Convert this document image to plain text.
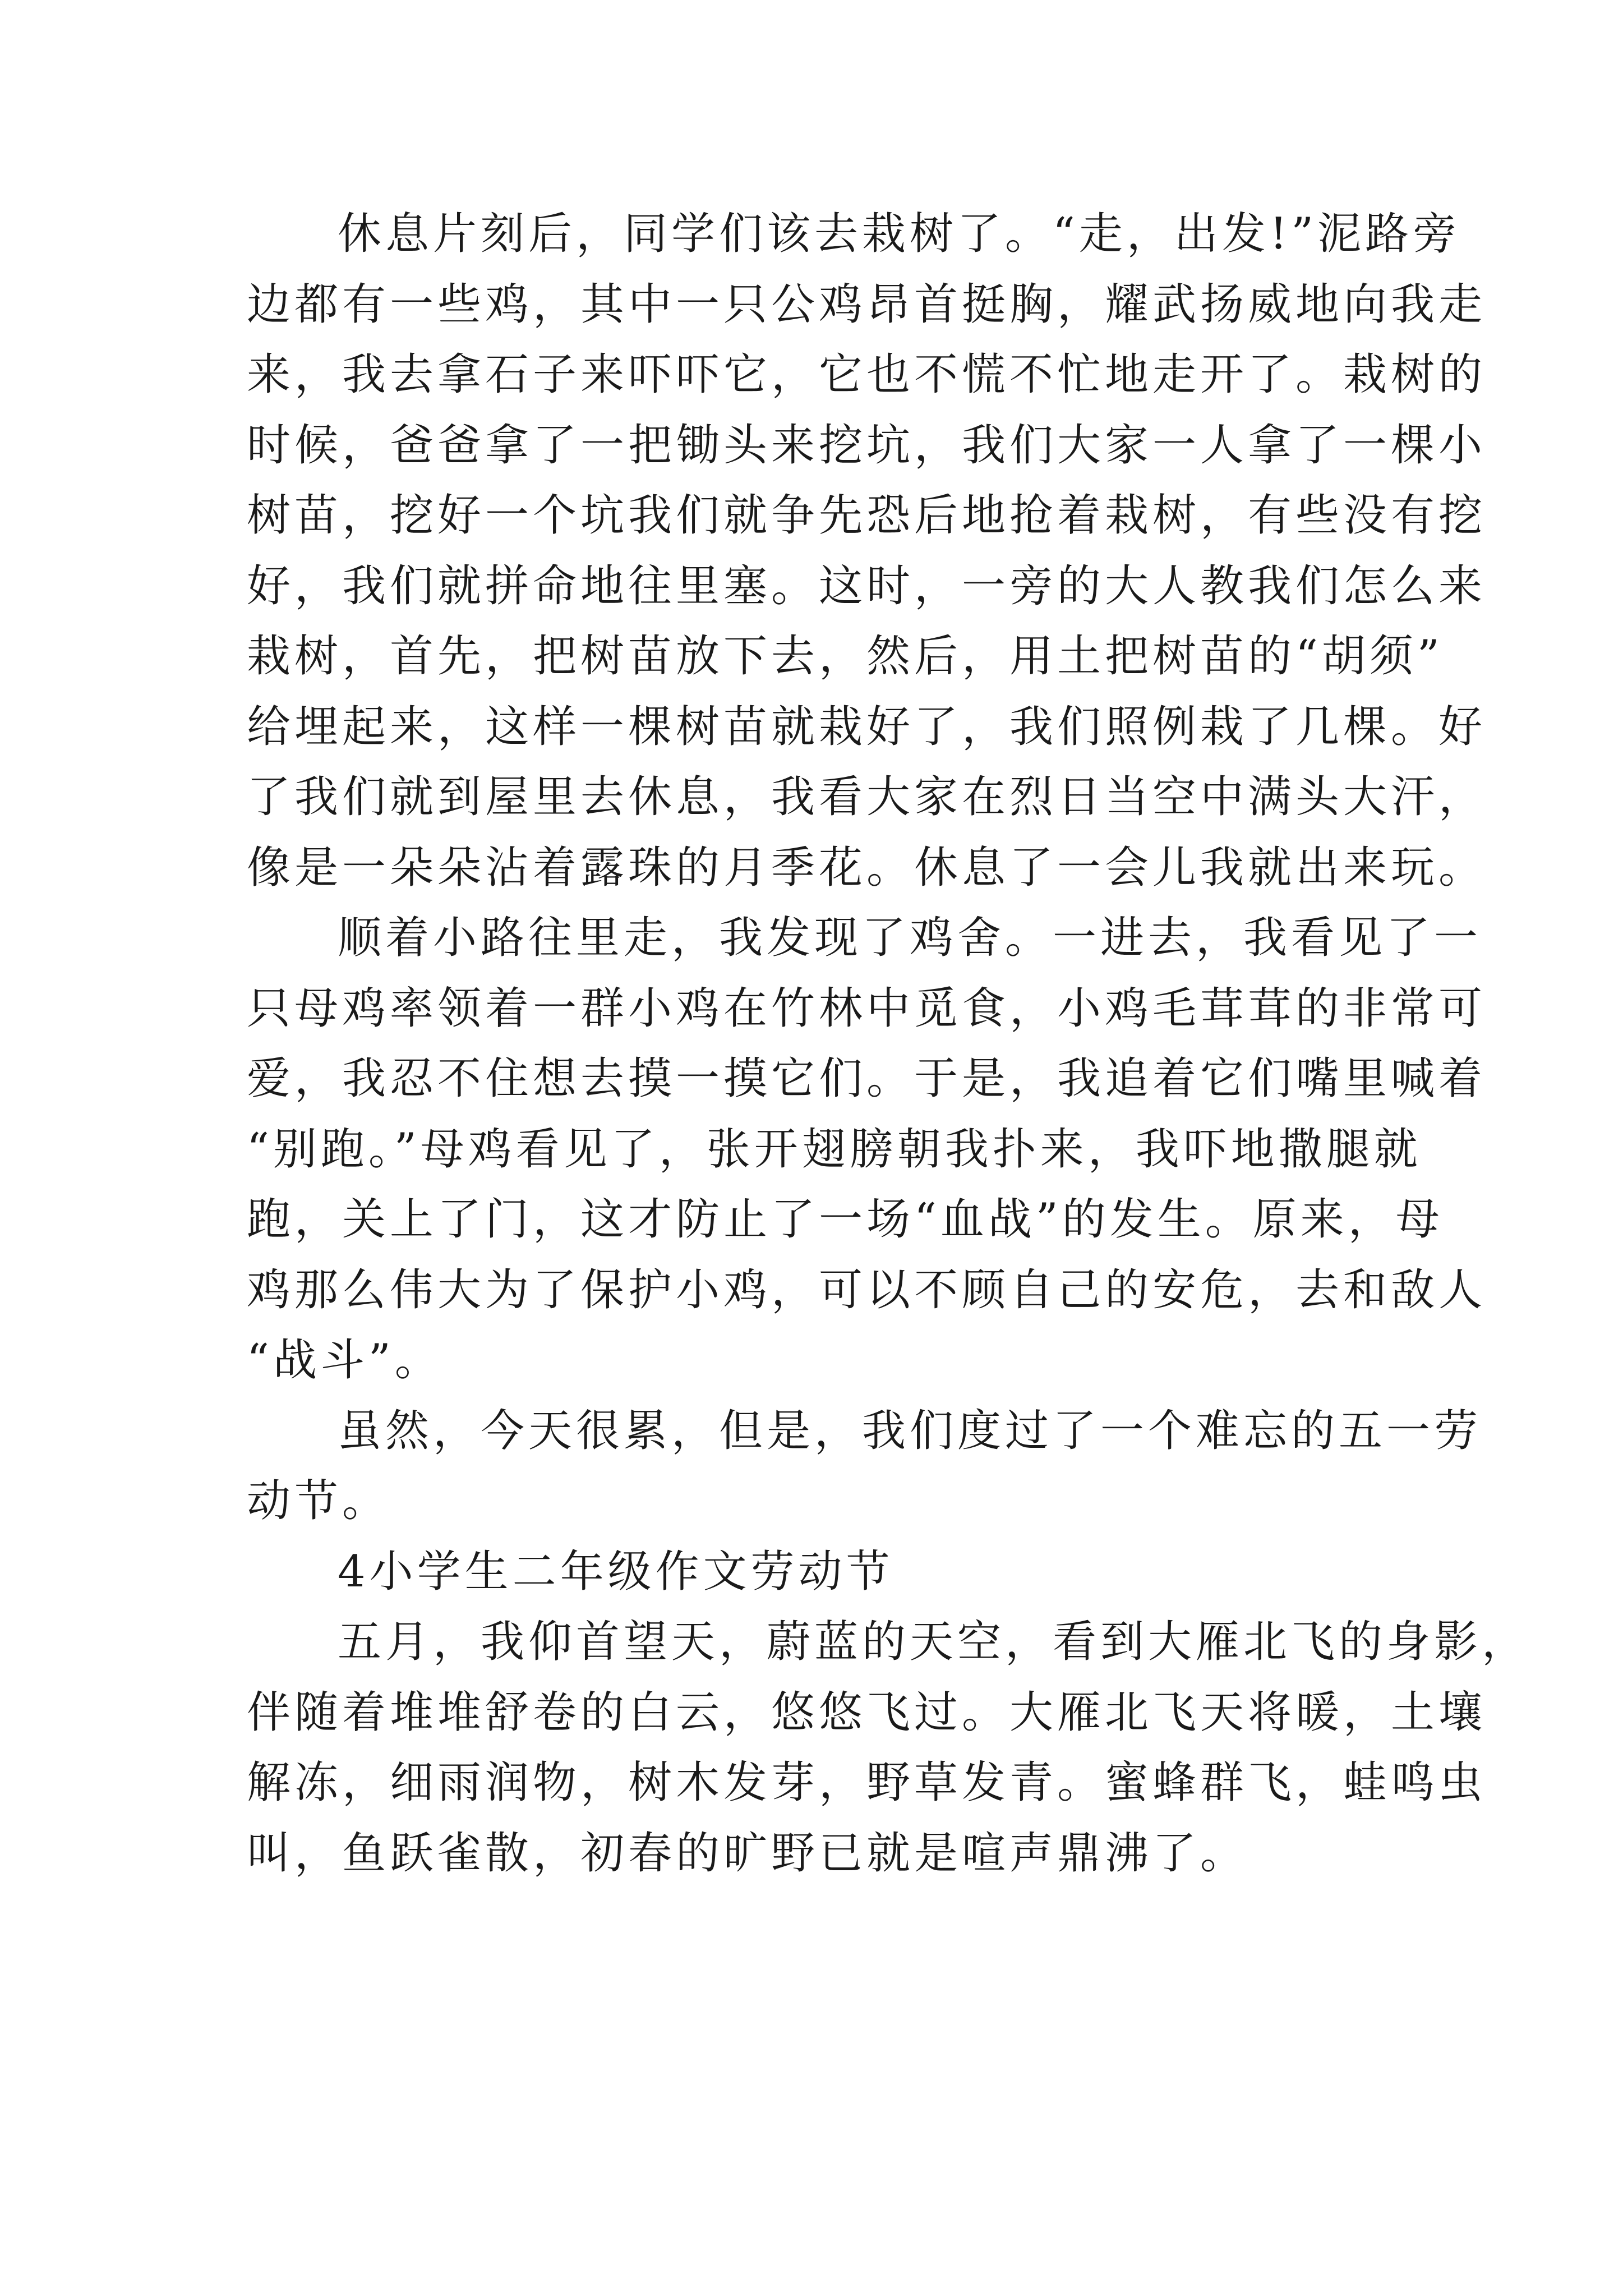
休息片刻后，同学们该去栽树了。“走，出发!”泥路旁
边都有一些鸡，其中一只公鸡昂首挺胸，耀武扬威地向我走
来，我去拿石子来吓吓它，它也不慌不忙地走开了。栽树的
时候，爸爸拿了一把锄头来挖坑，我们大家一人拿了一棵小
树苗，挖好一个坑我们就争先恐后地抢着栽树，有些没有挖
好，我们就拼命地往里塞。这时，一旁的大人教我们怎么来
栽树，首先，把树苗放下去，然后，用土把树苗的“胡须”
给埋起来，这样一棵树苗就栽好了，我们照例栽了几棵。好
了我们就到屋里去休息，我看大家在烈日当空中满头大汗，
像是一朵朵沾着露珠的月季花。休息了一会儿我就出来玩。
顺着小路往里走，我发现了鸡舍。一进去，我看见了一
只母鸡率领着一群小鸡在竹林中觅食，小鸡毛茸茸的非常可
爱，我忍不住想去摸一摸它们。于是，我追着它们嘴里喊着
“别跑。”母鸡看见了，张开翅膀朝我扑来，我吓地撒腿就
跑，关上了门，这才防止了一场“血战”的发生。原来，母
鸡那么伟大为了保护小鸡，可以不顾自己的安危，去和敌人
“战斗”。
虽然，今天很累，但是，我们度过了一个难忘的五一劳
动节。
4小学生二年级作文劳动节
五月，我仰首望天，蔚蓝的天空，看到大雁北飞的身影，
伴随着堆堆舒卷的白云，悠悠飞过。大雁北飞天将暖，土壤
解冻，细雨润物，树木发芽，野草发青。蜜蜂群飞，蛙鸣虫
叫，鱼跃雀散，初春的旷野已就是喧声鼎沸了。
